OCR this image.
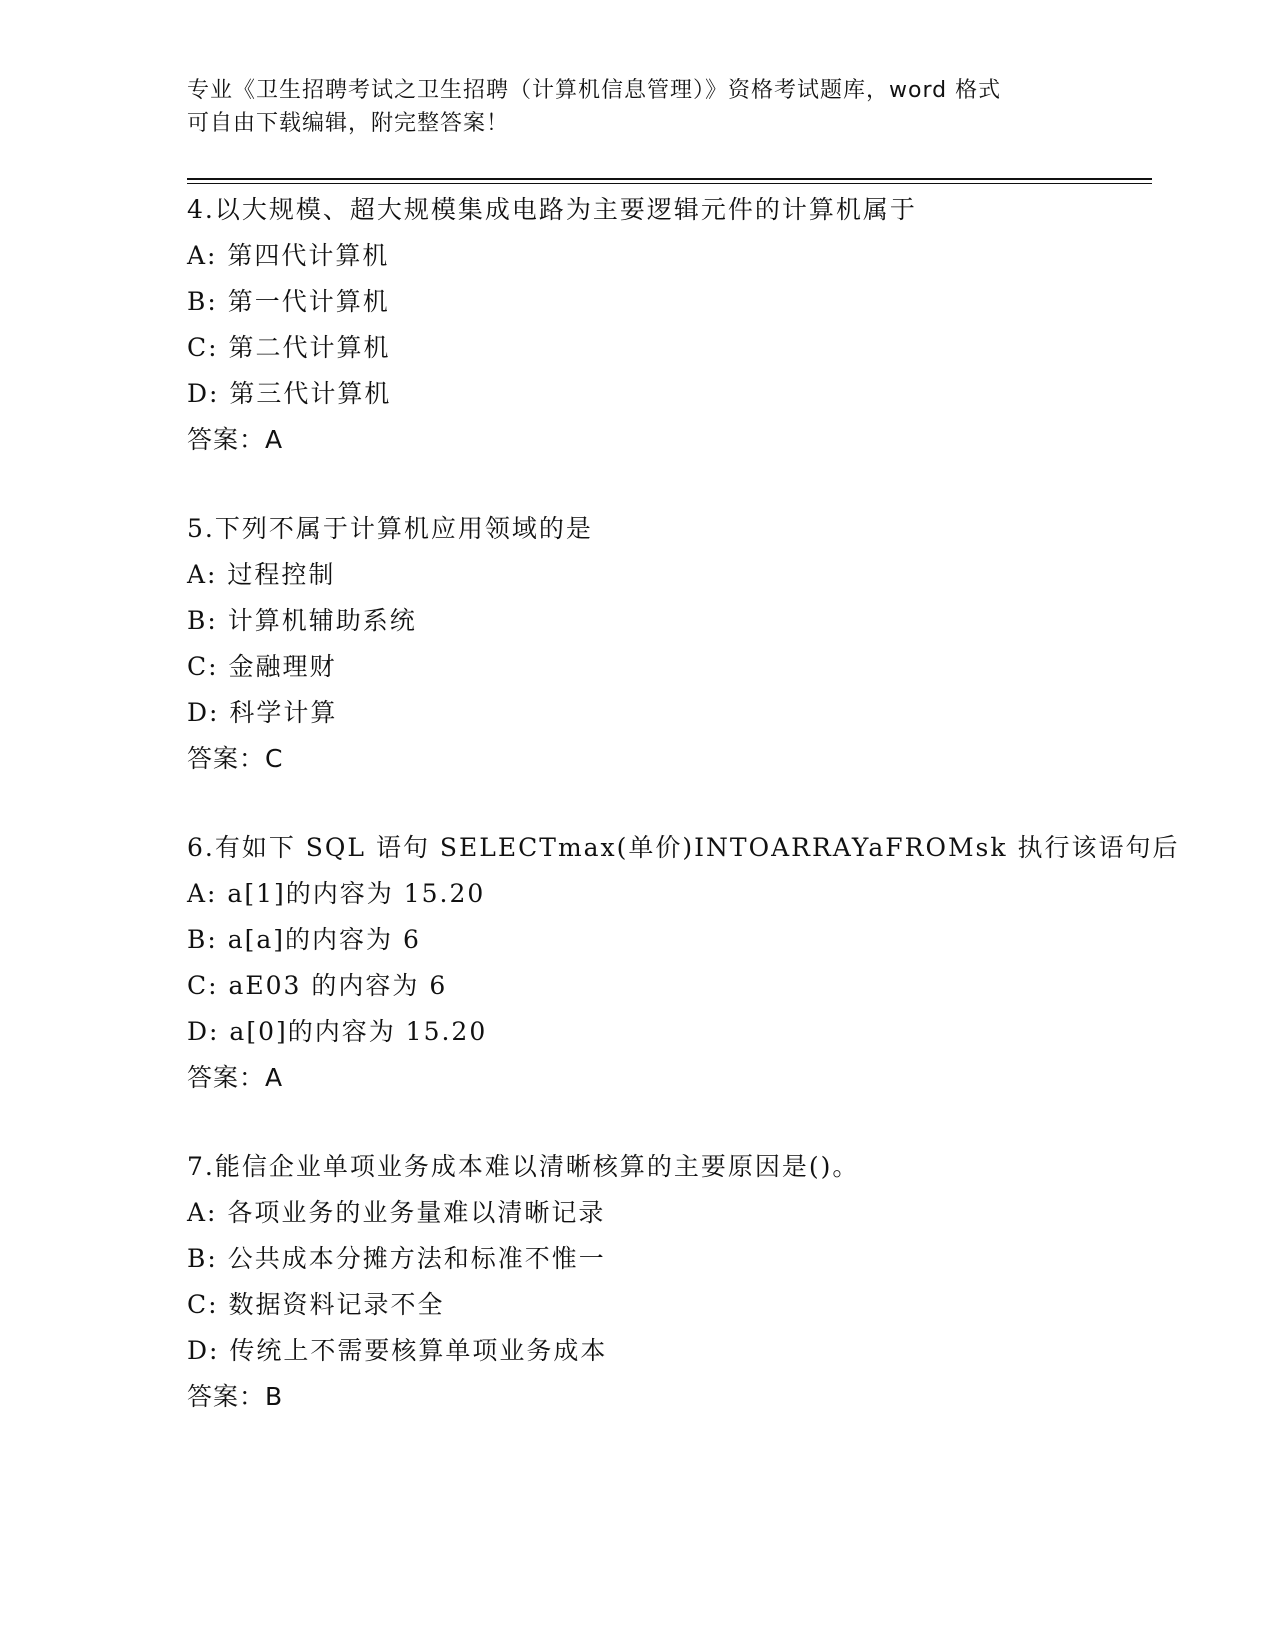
专业《卫生招聘考试之卫生招聘（计算机信息管理）》资格考试题库，word 格式
可自由下载编辑，附完整答案！
4.以大规模、超大规模集成电路为主要逻辑元件的计算机属于
A: 第四代计算机
B: 第一代计算机
C: 第二代计算机
D: 第三代计算机
答案：A
5.下列不属于计算机应用领域的是
A: 过程控制
B: 计算机辅助系统
C: 金融理财
D: 科学计算
答案：C
6.有如下 SQL 语句 SELECTmax(单价)INTOARRAYaFROMsk 执行该语句后
A: a[1]的内容为 15.20
B: a[a]的内容为 6
C: aE03 的内容为 6
D: a[0]的内容为 15.20
答案：A
7.能信企业单项业务成本难以清晰核算的主要原因是()。
A: 各项业务的业务量难以清晰记录
B: 公共成本分摊方法和标准不惟一
C: 数据资料记录不全
D: 传统上不需要核算单项业务成本
答案：B
